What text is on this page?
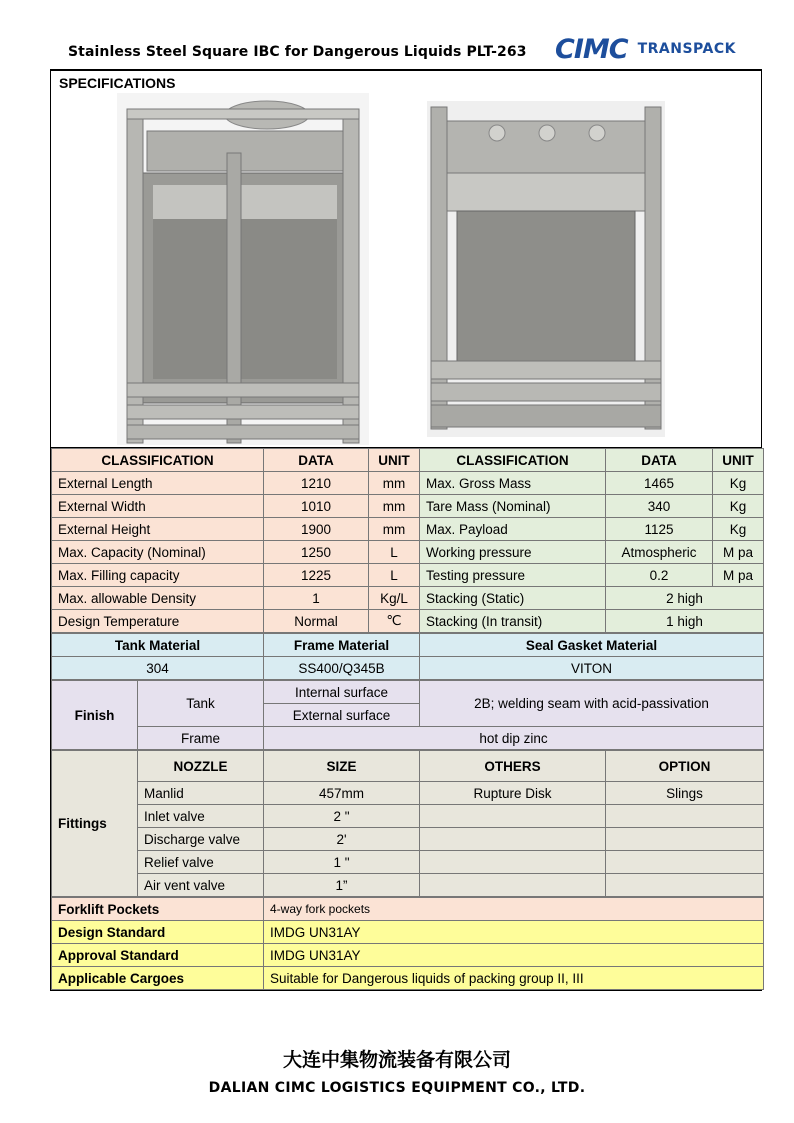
Stainless Steel Square IBC for Dangerous Liquids PLT-263 CIMC TRANSPACK
SPECIFICATIONS
CLASSIFICATION	DATA	UNIT	CLASSIFICATION	DATA	UNIT
External Length	1210	mm	Max. Gross Mass	1465	Kg
External Width	1010	mm	Tare Mass (Nominal)	340	Kg
External Height	1900	mm	Max. Payload	1125	Kg
Max. Capacity (Nominal)	1250	L	Working pressure	Atmospheric	M pa
Max. Filling capacity	1225	L	Testing pressure	0.2	M pa
Max. allowable Density	1	Kg/L	Stacking (Static)	2 high	
Design Temperature	Normal	℃	Stacking (In transit)	1 high	
Tank Material	Frame Material	Seal Gasket Material
304	SS400/Q345B	VITON
Finish	Tank	Internal surface	2B; welding seam with acid-passivation
		External surface	
	Frame	hot dip zinc	
Fittings	NOZZLE	SIZE	OTHERS	OPTION
	Manlid	457mm	Rupture Disk	Slings
	Inlet valve	2 "		
	Discharge valve	2'		
	Relief valve	1 "		
	Air vent valve	1”		
Forklift Pockets	4-way fork pockets
Design Standard	IMDG UN31AY
Approval Standard	IMDG UN31AY
Applicable Cargoes	Suitable for Dangerous liquids of packing group II, III
大连中集物流装备有限公司
DALIAN CIMC LOGISTICS EQUIPMENT CO., LTD.
